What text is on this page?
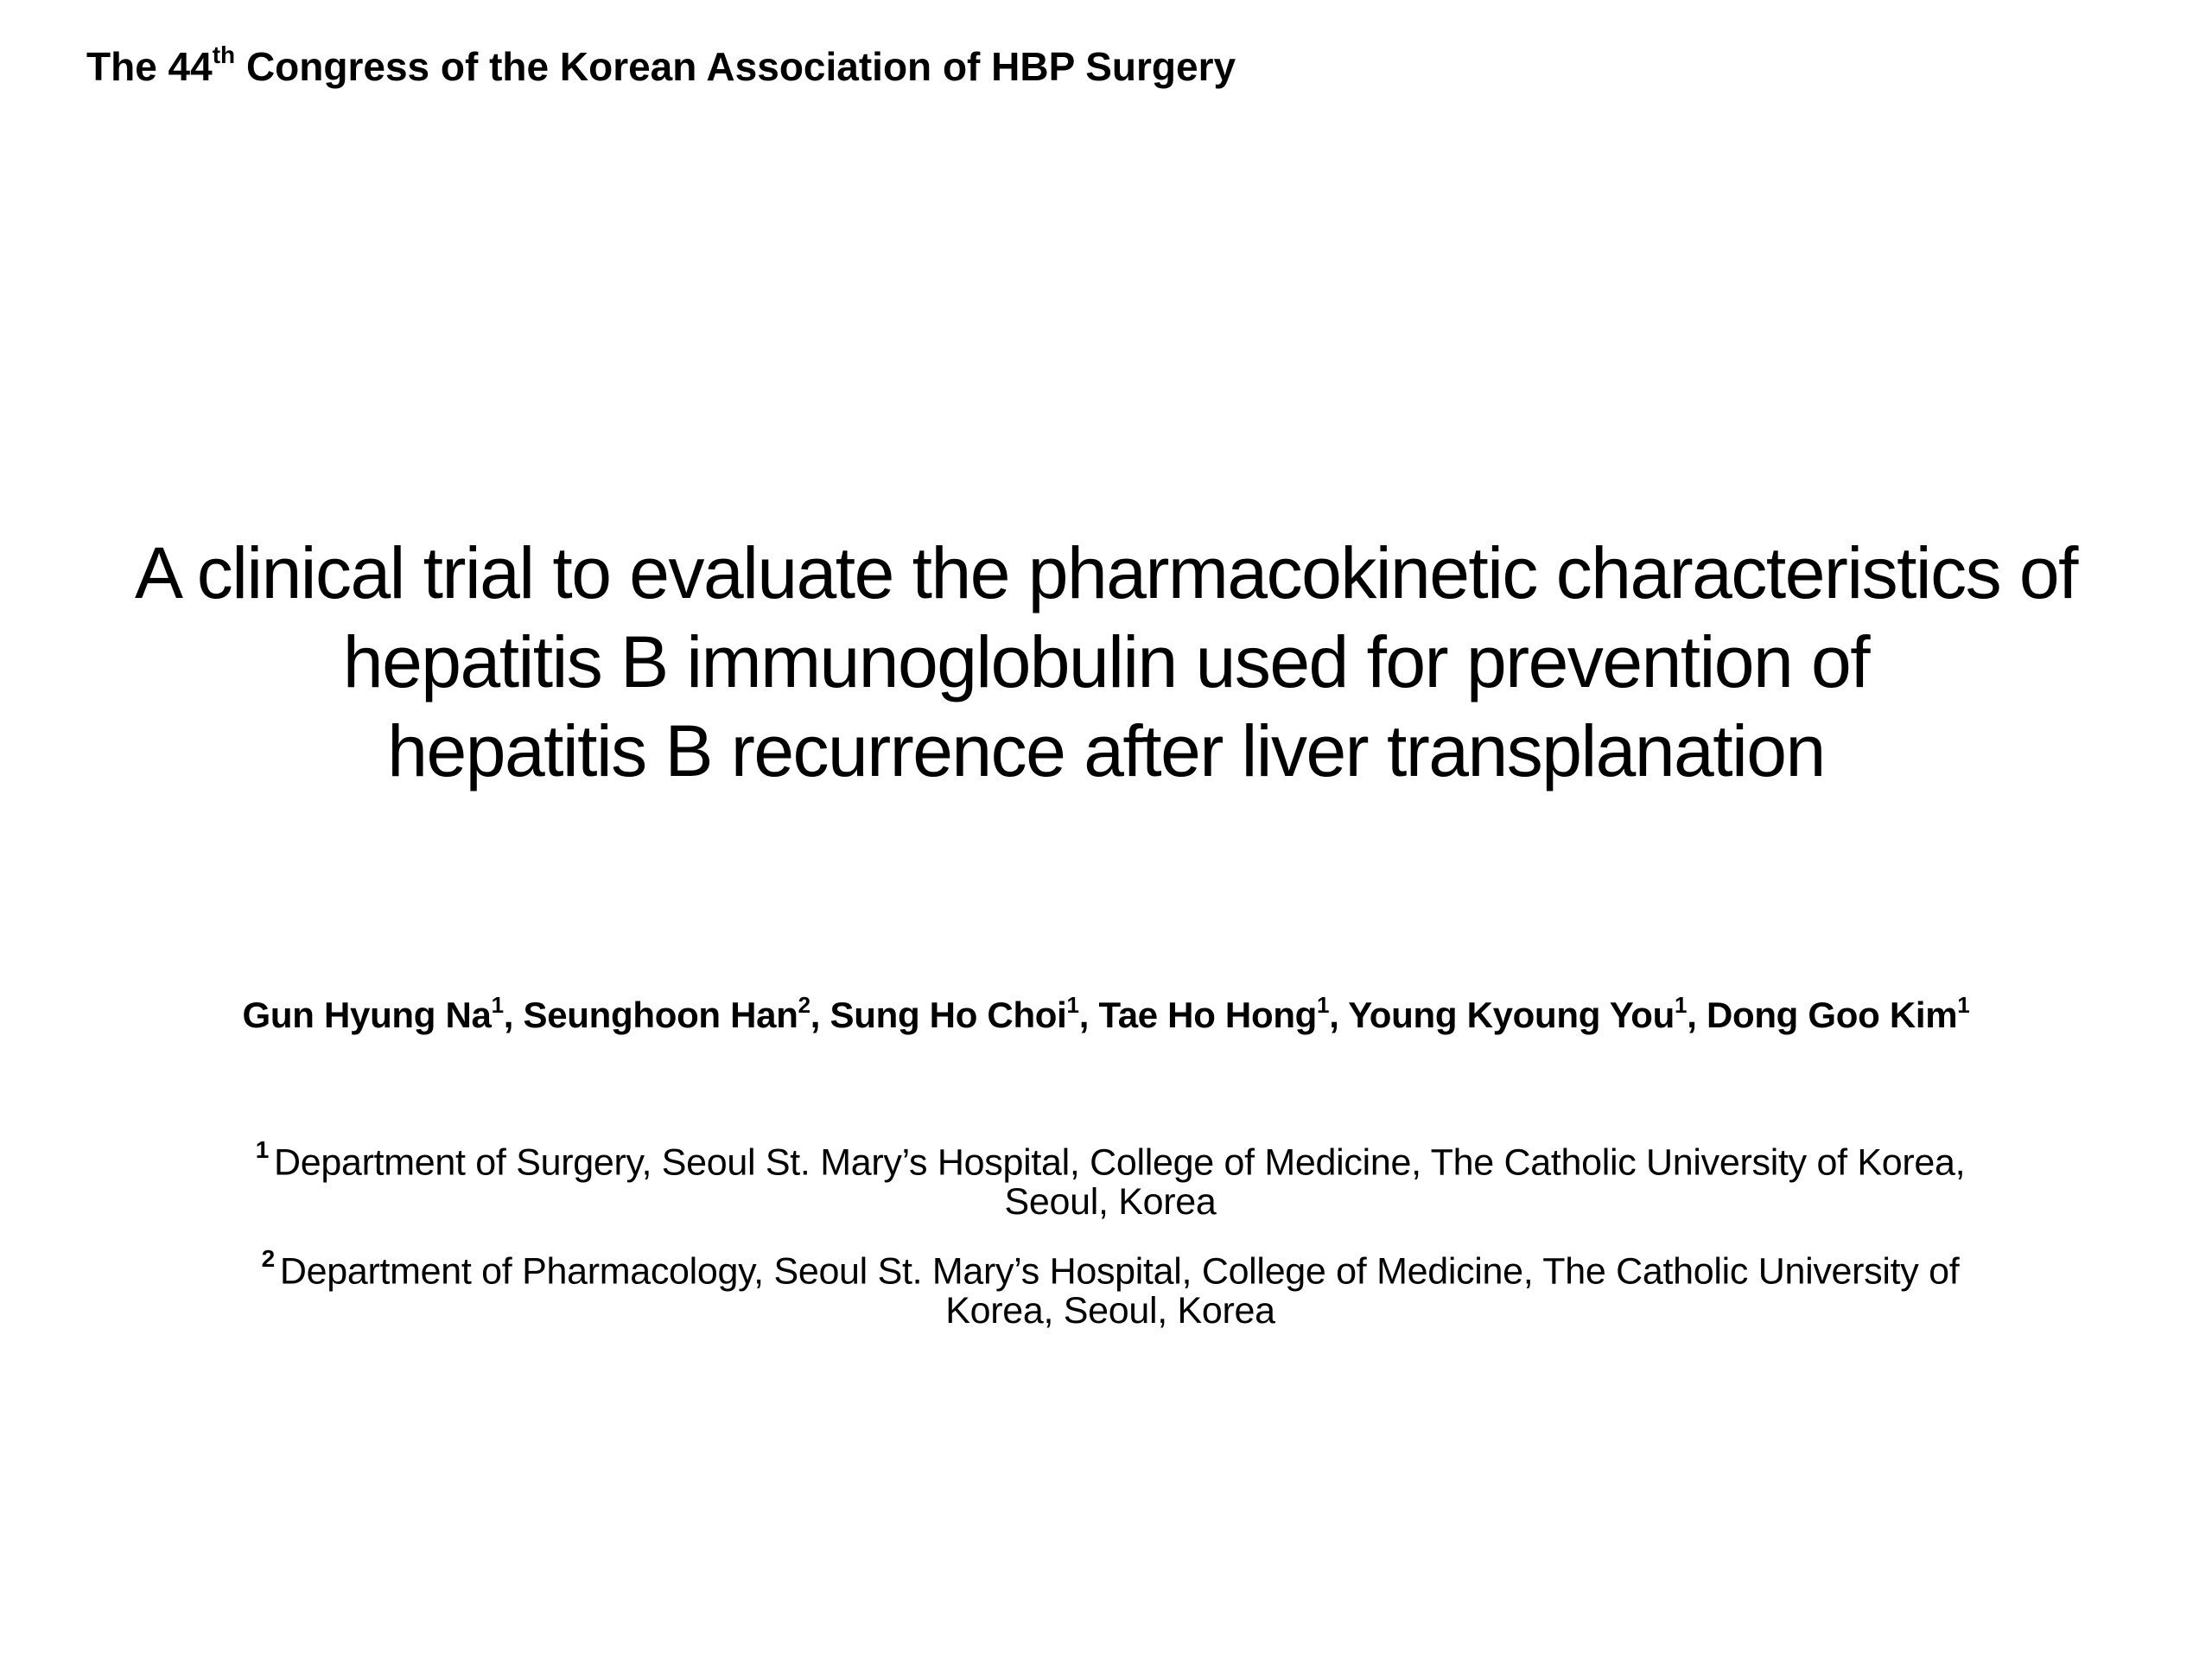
The 44th Congress of the Korean Association of HBP Surgery
A clinical trial to evaluate the pharmacokinetic characteristics of
hepatitis B immunoglobulin used for prevention of
hepatitis B recurrence after liver transplanation
Gun Hyung Na$^1$, Seunghoon Han$^2$, Sung Ho Choi$^1$, Tae Ho Hong$^1$, Young Kyoung You$^1$, Dong Goo Kim$^1$
$^1$ Department of Surgery, Seoul St. Mary’s Hospital, College of Medicine, The Catholic University of Korea,
Seoul, Korea
$^2$ Department of Pharmacology, Seoul St. Mary’s Hospital, College of Medicine, The Catholic University of
Korea, Seoul, Korea
